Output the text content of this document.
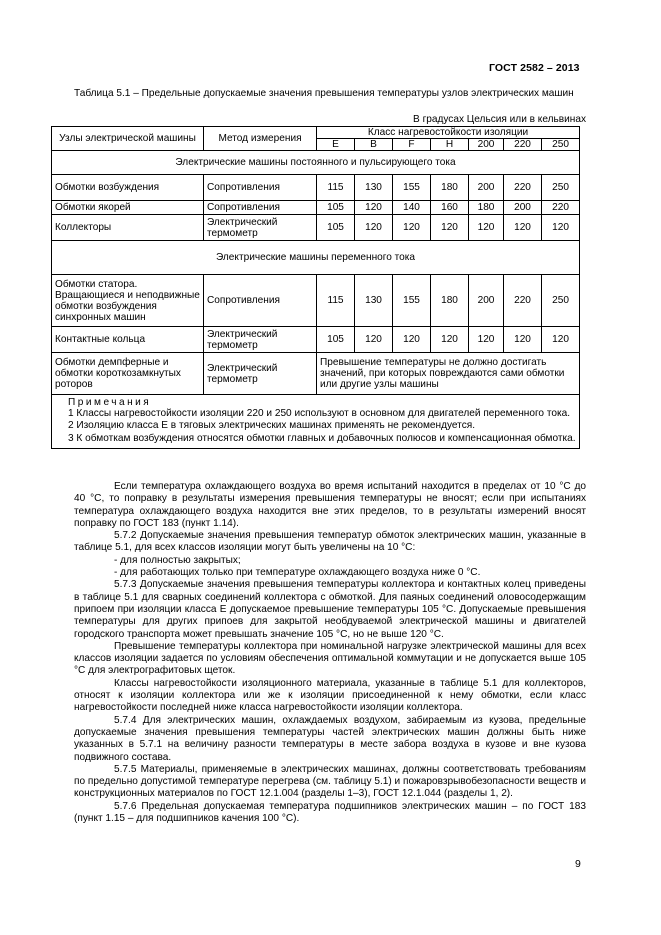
ГОСТ 2582 – 2013
Таблица 5.1 – Предельные допускаемые значения превышения температуры узлов электрических машин
В градусах Цельсия или в кельвинах
Узлы электрической машины	Метод измерения	Класс нагревостойкости изоляции						
		E	B	F	H	200	220	250
Электрические машины постоянного и пульсирующего тока								
Обмотки возбуждения	Сопротивления	115	130	155	180	200	220	250
Обмотки якорей	Сопротивления	105	120	140	160	180	200	220
Коллекторы	Электрический термометр	105	120	120	120	120	120	120
Электрические машины переменного тока								
Обмотки статора. Вращающиеся и неподвижные обмотки возбуждения синхронных машин	Сопротивления	115	130	155	180	200	220	250
Контактные кольца	Электрический термометр	105	120	120	120	120	120	120
Обмотки демпферные и обмотки короткозамкнутых роторов	Электрический термометр	Превышение температуры не должно достигать значений, при которых повреждаются сами обмотки или другие узлы машины						

Примечания
1 Классы нагревостойкости изоляции 220 и 250 используют в основном для двигателей переменного тока.
2 Изоляцию класса Е в тяговых электрических машинах применять не рекомендуется.
3 К обмоткам возбуждения относятся обмотки главных и добавочных полюсов и компенсационная обмотка.								

Если температура охлаждающего воздуха во время испытаний находится в пределах от 10 °С до 40 °С, то поправку в результаты измерения превышения температуры не вносят; если при испытаниях температура охлаждающего воздуха находится вне этих пределов, то в результаты измерений вносят поправку по ГОСТ 183 (пункт 1.14).

5.7.2 Допускаемые значения превышения температур обмоток электрических машин, указанные в таблице 5.1, для всех классов изоляции могут быть увеличены на 10 °С:

- для полностью закрытых;

- для работающих только при температуре охлаждающего воздуха ниже 0 °С.

5.7.3 Допускаемые значения превышения температуры коллектора и контактных колец приведены в таблице 5.1 для сварных соединений коллектора с обмоткой. Для паяных соединений оловосодержащим припоем при изоляции класса Е допускаемое превышение температуры 105 °С. Допускаемые превышения температуры для других припоев для закрытой необдуваемой электрической машины и двигателей городского транспорта может превышать значение 105 °С, но не выше 120 °С.

Превышение температуры коллектора при номинальной нагрузке электрической машины для всех классов изоляции задается по условиям обеспечения оптимальной коммутации и не допускается выше 105 °С для электрографитовых щеток.

Классы нагревостойкости изоляционного материала, указанные в таблице 5.1 для коллекторов, относят к изоляции коллектора или же к изоляции присоединенной к нему обмотки, если класс нагревостойкости последней ниже класса нагревостойкости изоляции коллектора.

5.7.4 Для электрических машин, охлаждаемых воздухом, забираемым из кузова, предельные допускаемые значения превышения температуры частей электрических машин должны быть ниже указанных в 5.7.1 на величину разности температуры в месте забора воздуха в кузове и вне кузова подвижного состава.

5.7.5 Материалы, применяемые в электрических машинах, должны соответствовать требованиям по предельно допустимой температуре перегрева (см. таблицу 5.1) и пожаровзрывобезопасности веществ и конструкционных материалов по ГОСТ 12.1.004 (разделы 1–3), ГОСТ 12.1.044 (разделы 1, 2).

5.7.6 Предельная допускаемая температура подшипников электрических машин – по ГОСТ 183 (пункт 1.15 – для подшипников качения 100 °С).

9
